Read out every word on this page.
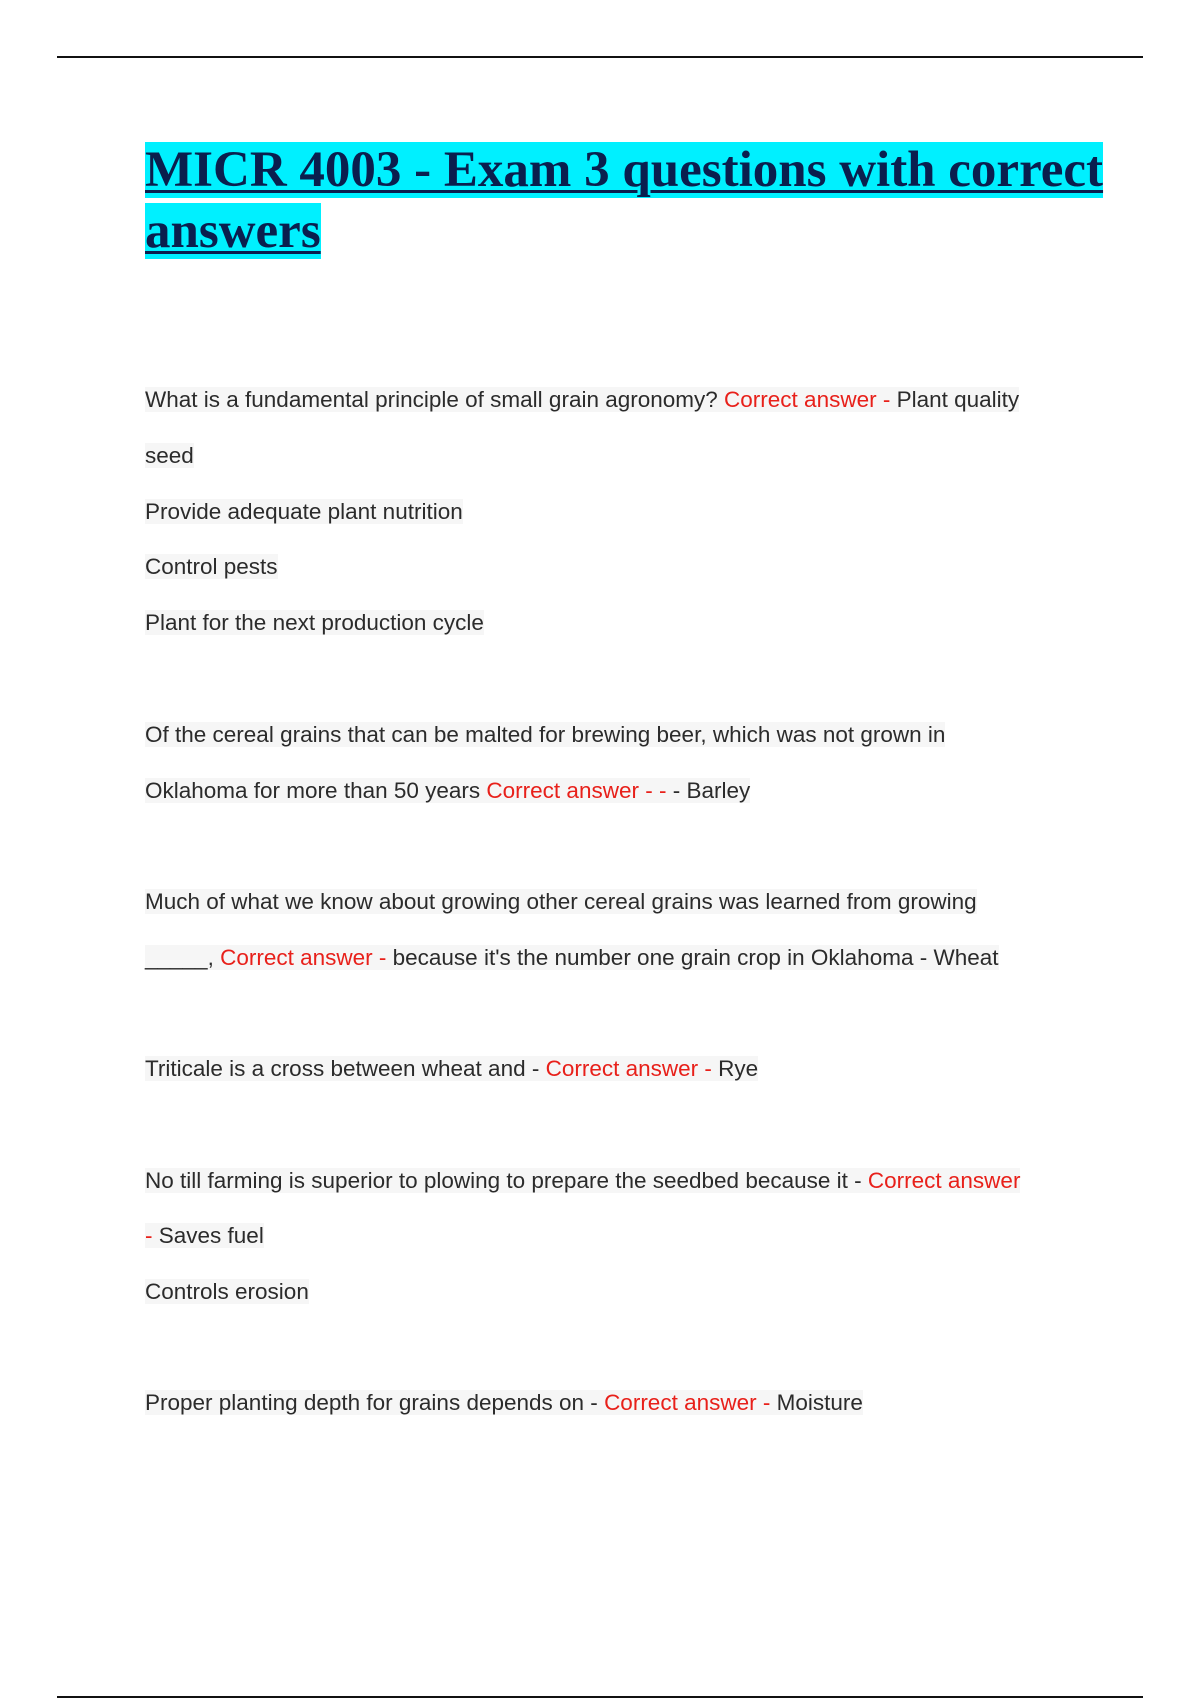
MICR 4003 - Exam 3 questions with correct answers

What is a fundamental principle of small grain agronomy? Correct answer - Plant quality

seed

Provide adequate plant nutrition

Control pests

Plant for the next production cycle

Of the cereal grains that can be malted for brewing beer, which was not grown in

Oklahoma for more than 50 years Correct answer - - - Barley

Much of what we know about growing other cereal grains was learned from growing

_____, Correct answer - because it's the number one grain crop in Oklahoma - Wheat

Triticale is a cross between wheat and - Correct answer - Rye

No till farming is superior to plowing to prepare the seedbed because it - Correct answer

- Saves fuel

Controls erosion

Proper planting depth for grains depends on - Correct answer - Moisture
